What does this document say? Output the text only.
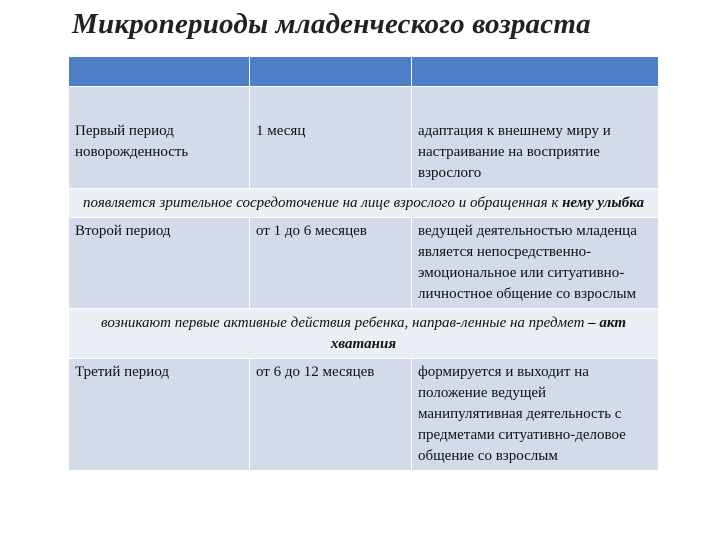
Микропериоды младенческого возраста

Первый период новорожденность	1 месяц	адаптация к внешнему миру и настраивание на восприятие взрослого
появляется зрительное сосредоточение на лице взрослого и обращенная к нему улыбка		
Второй период	от 1 до 6 месяцев	ведущей деятельностью младенца является непосредственно-эмоциональное или ситуативно-личностное общение со взрослым
возникают первые активные действия ребенка, направ-ленные на предмет – акт хватания		
Третий период	от 6 до 12 месяцев	формируется и выходит на положение ведущей манипулятивная деятельность с предметами ситуативно-деловое общение со взрослым
